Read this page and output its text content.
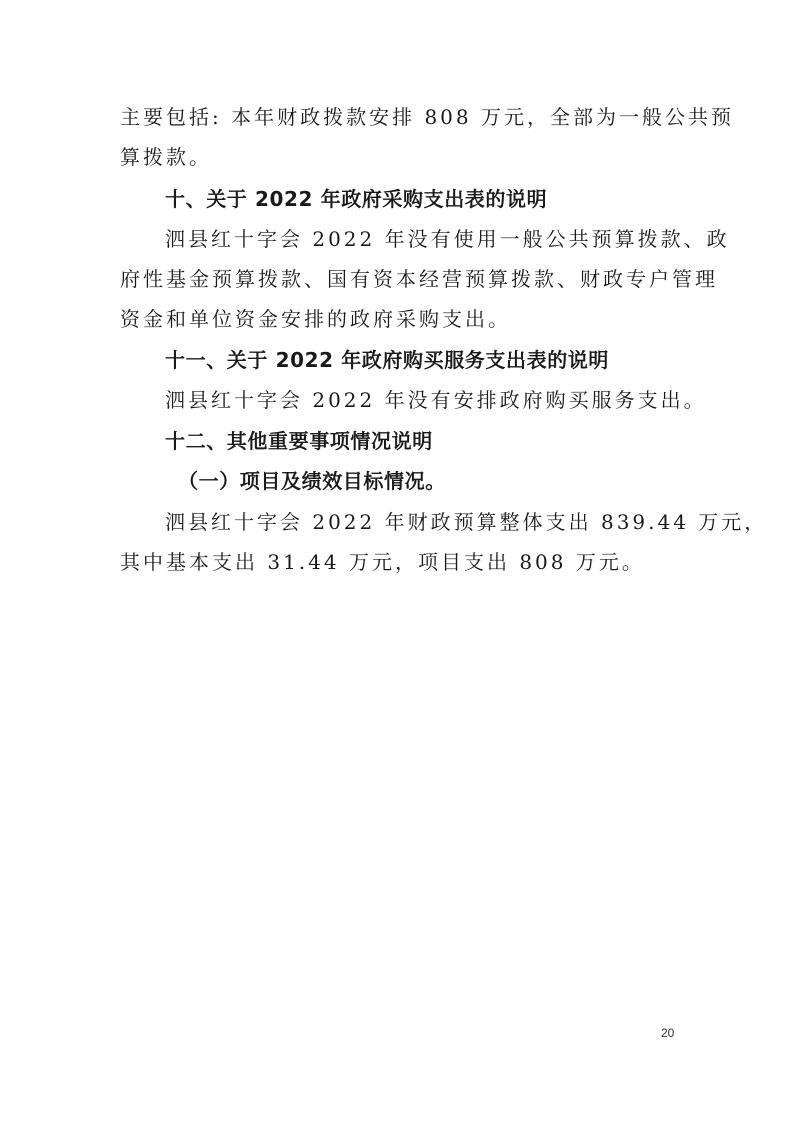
主要包括: 本年财政拨款安排 808 万元，全部为一般公共预
算拨款。
十、关于 2022 年政府采购支出表的说明
泗县红十字会 2022 年没有使用一般公共预算拨款、政
府性基金预算拨款、国有资本经营预算拨款、财政专户管理
资金和单位资金安排的政府采购支出。
十一、关于 2022 年政府购买服务支出表的说明
泗县红十字会 2022 年没有安排政府购买服务支出。
十二、其他重要事项情况说明
（一）项目及绩效目标情况。
泗县红十字会 2022 年财政预算整体支出 839.44 万元，
其中基本支出 31.44 万元，项目支出 808 万元。
20
